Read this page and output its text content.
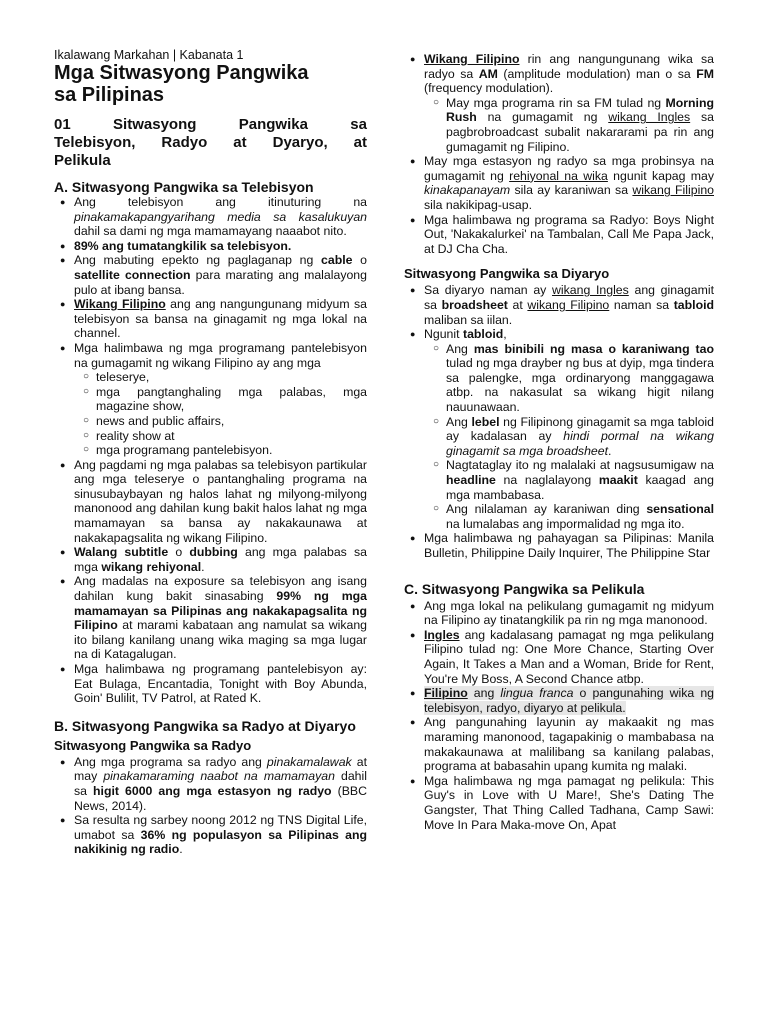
Ikalawang Markahan | Kabanata 1
Mga Sitwasyong Pangwika
sa Pilipinas
01 Sitwasyong Pangwika sa
Telebisyon, Radyo at Dyaryo, at
Pelikula
A. Sitwasyong Pangwika sa Telebisyon
● Ang telebisyon ang itinuturing na pinakamakapangyarihang media sa kasalukuyan dahil sa dami ng mga mamamayang naaabot nito.
● 89% ang tumatangkilik sa telebisyon.
● Ang mabuting epekto ng paglaganap ng cable o satellite connection para marating ang malalayong pulo at ibang bansa.
● Wikang Filipino ang ang nangungunang midyum sa telebisyon sa bansa na ginagamit ng mga lokal na channel.
● Mga halimbawa ng mga programang pantelebisyon na gumagamit ng wikang Filipino ay ang mga
○ teleserye,
○ mga pangtanghaling mga palabas, mga magazine show,
○ news and public affairs,
○ reality show at
○ mga programang pantelebisyon.
● Ang pagdami ng mga palabas sa telebisyon partikular ang mga teleserye o pantanghaling programa na sinusubaybayan ng halos lahat ng milyong-milyong manonood ang dahilan kung bakit halos lahat ng mga mamamayan sa bansa ay nakakaunawa at nakakapagsalita ng wikang Filipino.
● Walang subtitle o dubbing ang mga palabas sa mga wikang rehiyonal.
● Ang madalas na exposure sa telebisyon ang isang dahilan kung bakit sinasabing 99% ng mga mamamayan sa Pilipinas ang nakakapagsalita ng Filipino at marami kabataan ang namulat sa wikang ito bilang kanilang unang wika maging sa mga lugar na di Katagalugan.
● Mga halimbawa ng programang pantelebisyon ay: Eat Bulaga, Encantadia, Tonight with Boy Abunda, Goin' Bulilit, TV Patrol, at Rated K.
B. Sitwasyong Pangwika sa Radyo at Diyaryo
Sitwasyong Pangwika sa Radyo
● Ang mga programa sa radyo ang pinakamalawak at may pinakamaraming naabot na mamamayan dahil sa higit 6000 ang mga estasyon ng radyo (BBC News, 2014).
● Sa resulta ng sarbey noong 2012 ng TNS Digital Life, umabot sa 36% ng populasyon sa Pilipinas ang nakikinig ng radio.
● Wikang Filipino rin ang nangungunang wika sa radyo sa AM (amplitude modulation) man o sa FM (frequency modulation).
○ May mga programa rin sa FM tulad ng Morning Rush na gumagamit ng wikang Ingles sa pagbrobroadcast subalit nakararami pa rin ang gumagamit ng Filipino.
● May mga estasyon ng radyo sa mga probinsya na gumagamit ng rehiyonal na wika ngunit kapag may kinakapanayam sila ay karaniwan sa wikang Filipino sila nakikipag-usap.
● Mga halimbawa ng programa sa Radyo: Boys Night Out, 'Nakakalurkei' na Tambalan, Call Me Papa Jack, at DJ Cha Cha.
Sitwasyong Pangwika sa Diyaryo
● Sa diyaryo naman ay wikang Ingles ang ginagamit sa broadsheet at wikang Filipino naman sa tabloid maliban sa iilan.
● Ngunit tabloid,
○ Ang mas binibili ng masa o karaniwang tao tulad ng mga drayber ng bus at dyip, mga tindera sa palengke, mga ordinaryong manggagawa atbp. na nakasulat sa wikang higit nilang nauunawaan.
○ Ang lebel ng Filipinong ginagamit sa mga tabloid ay kadalasan ay hindi pormal na wikang ginagamit sa mga broadsheet.
○ Nagtataglay ito ng malalaki at nagsusumigaw na headline na naglalayong maakit kaagad ang mga mambabasa.
○ Ang nilalaman ay karaniwan ding sensational na lumalabas ang impormalidad ng mga ito.
● Mga halimbawa ng pahayagan sa Pilipinas: Manila Bulletin, Philippine Daily Inquirer, The Philippine Star
C. Sitwasyong Pangwika sa Pelikula
● Ang mga lokal na pelikulang gumagamit ng midyum na Filipino ay tinatangkilik pa rin ng mga manonood.
● Ingles ang kadalasang pamagat ng mga pelikulang Filipino tulad ng: One More Chance, Starting Over Again, It Takes a Man and a Woman, Bride for Rent, You're My Boss, A Second Chance atbp.
● Filipino ang lingua franca o pangunahing wika ng telebisyon, radyo, diyaryo at pelikula.
● Ang pangunahing layunin ay makaakit ng mas maraming manonood, tagapakinig o mambabasa na makakaunawa at malilibang sa kanilang palabas, programa at babasahin upang kumita ng malaki.
● Mga halimbawa ng mga pamagat ng pelikula: This Guy's in Love with U Mare!, She's Dating The Gangster, That Thing Called Tadhana, Camp Sawi: Move In Para Maka-move On, Apat
